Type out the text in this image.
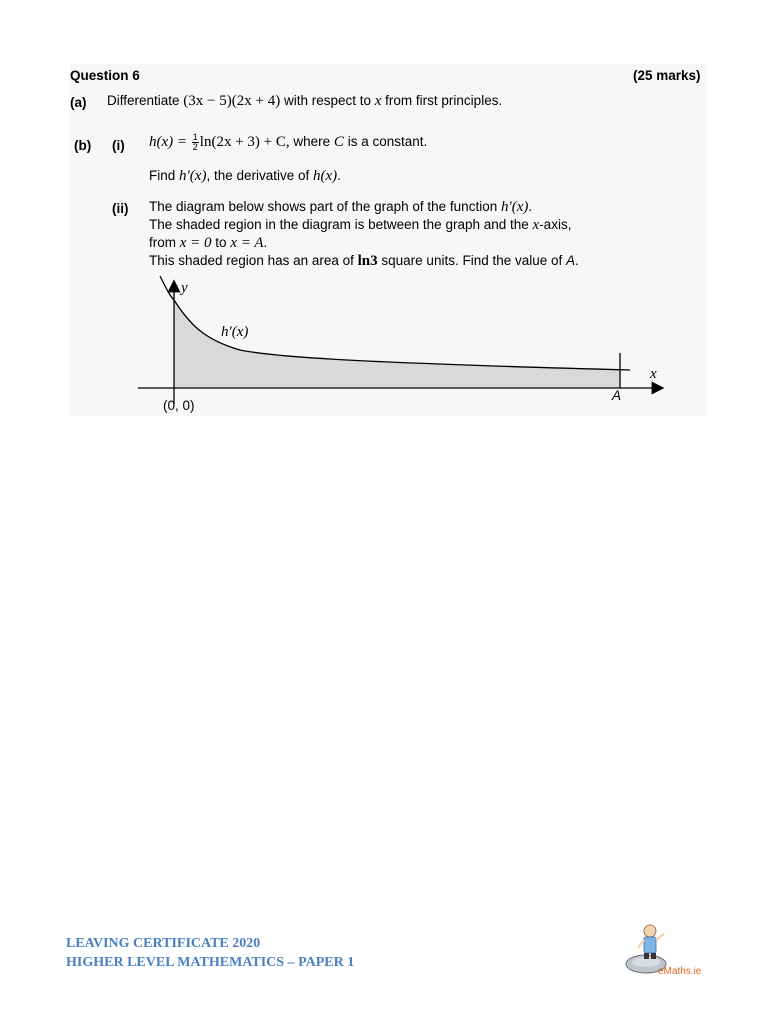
Question 6	(25 marks)
(a) Differentiate (3x − 5)(2x + 4) with respect to x from first principles.
(b) (i) $h(x) = \frac{1}{2} \ln(2x + 3) + C$, where C is a constant.
Find h′(x), the derivative of h(x).
(ii) The diagram below shows part of the graph of the function h′(x).
The shaded region in the diagram is between the graph and the x-axis,
from x = 0 to x = A.
This shaded region has an area of ln3 square units. Find the value of A.
y
x
h′(x)
(0, 0)
A
LEAVING CERTIFICATE 2020
HIGHER LEVEL MATHEMATICS – PAPER 1
eMaths.ie
